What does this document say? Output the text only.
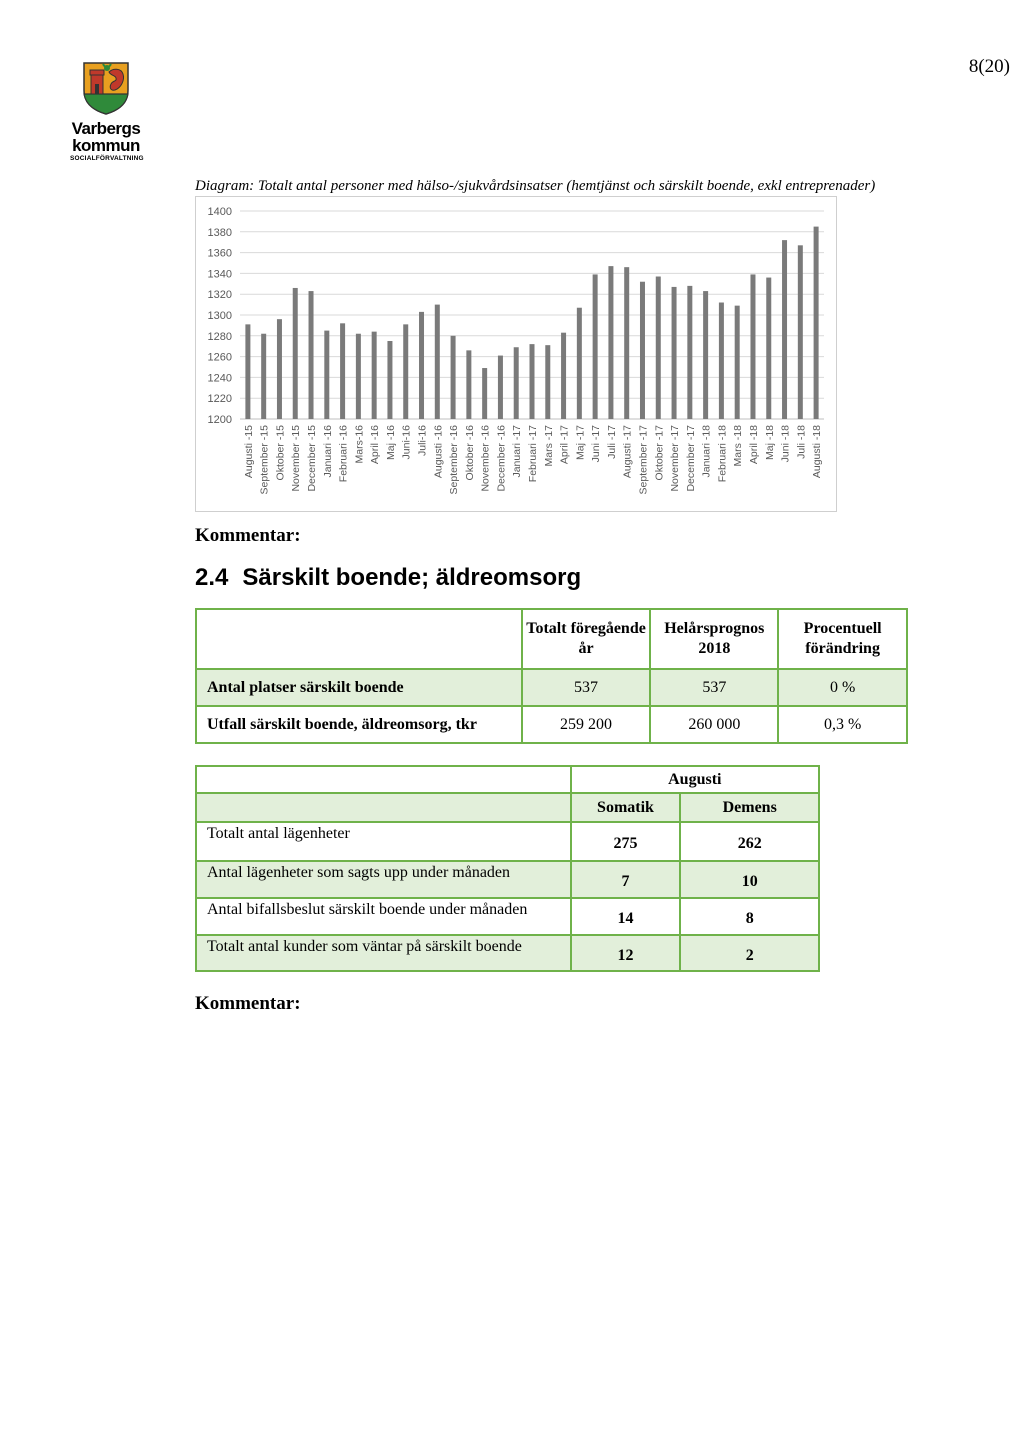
8(20)
Varbergs
kommun
SOCIALFÖRVALTNING
Diagram: Totalt antal personer med hälso-/sjukvårdsinsatser (hemtjänst och särskilt boende, exkl entreprenader)
1400
1380
1360
1340
1320
1300
1280
1260
1240
1220
1200
Augusti -15 September -15 Oktober -15 November -15 December -15 Januari -16 Februari -16 Mars-16 April -16 Maj -16 Juni-16 Juli-16 Augusti -16 September -16 Oktober -16 November -16 December -16 Januari -17 Februari -17 Mars -17 April -17 Maj -17 Juni -17 Juli -17 Augusti -17 September -17 Oktober -17 November -17 December -17 Januari -18 Februari -18 Mars -18 April -18 Maj -18 Juni -18 Juli -18 Augusti -18
Kommentar:
2.4 Särskilt boende; äldreomsorg
	Totalt föregående år	Helårsprognos 2018	Procentuell förändring
Antal platser särskilt boende	537	537	0 %
Utfall särskilt boende, äldreomsorg, tkr	259 200	260 000	0,3 %
	Augusti	
	Somatik	Demens
Totalt antal lägenheter	275	262
Antal lägenheter som sagts upp under månaden	7	10
Antal bifallsbeslut särskilt boende under månaden	14	8
Totalt antal kunder som väntar på särskilt boende	12	2
Kommentar:
